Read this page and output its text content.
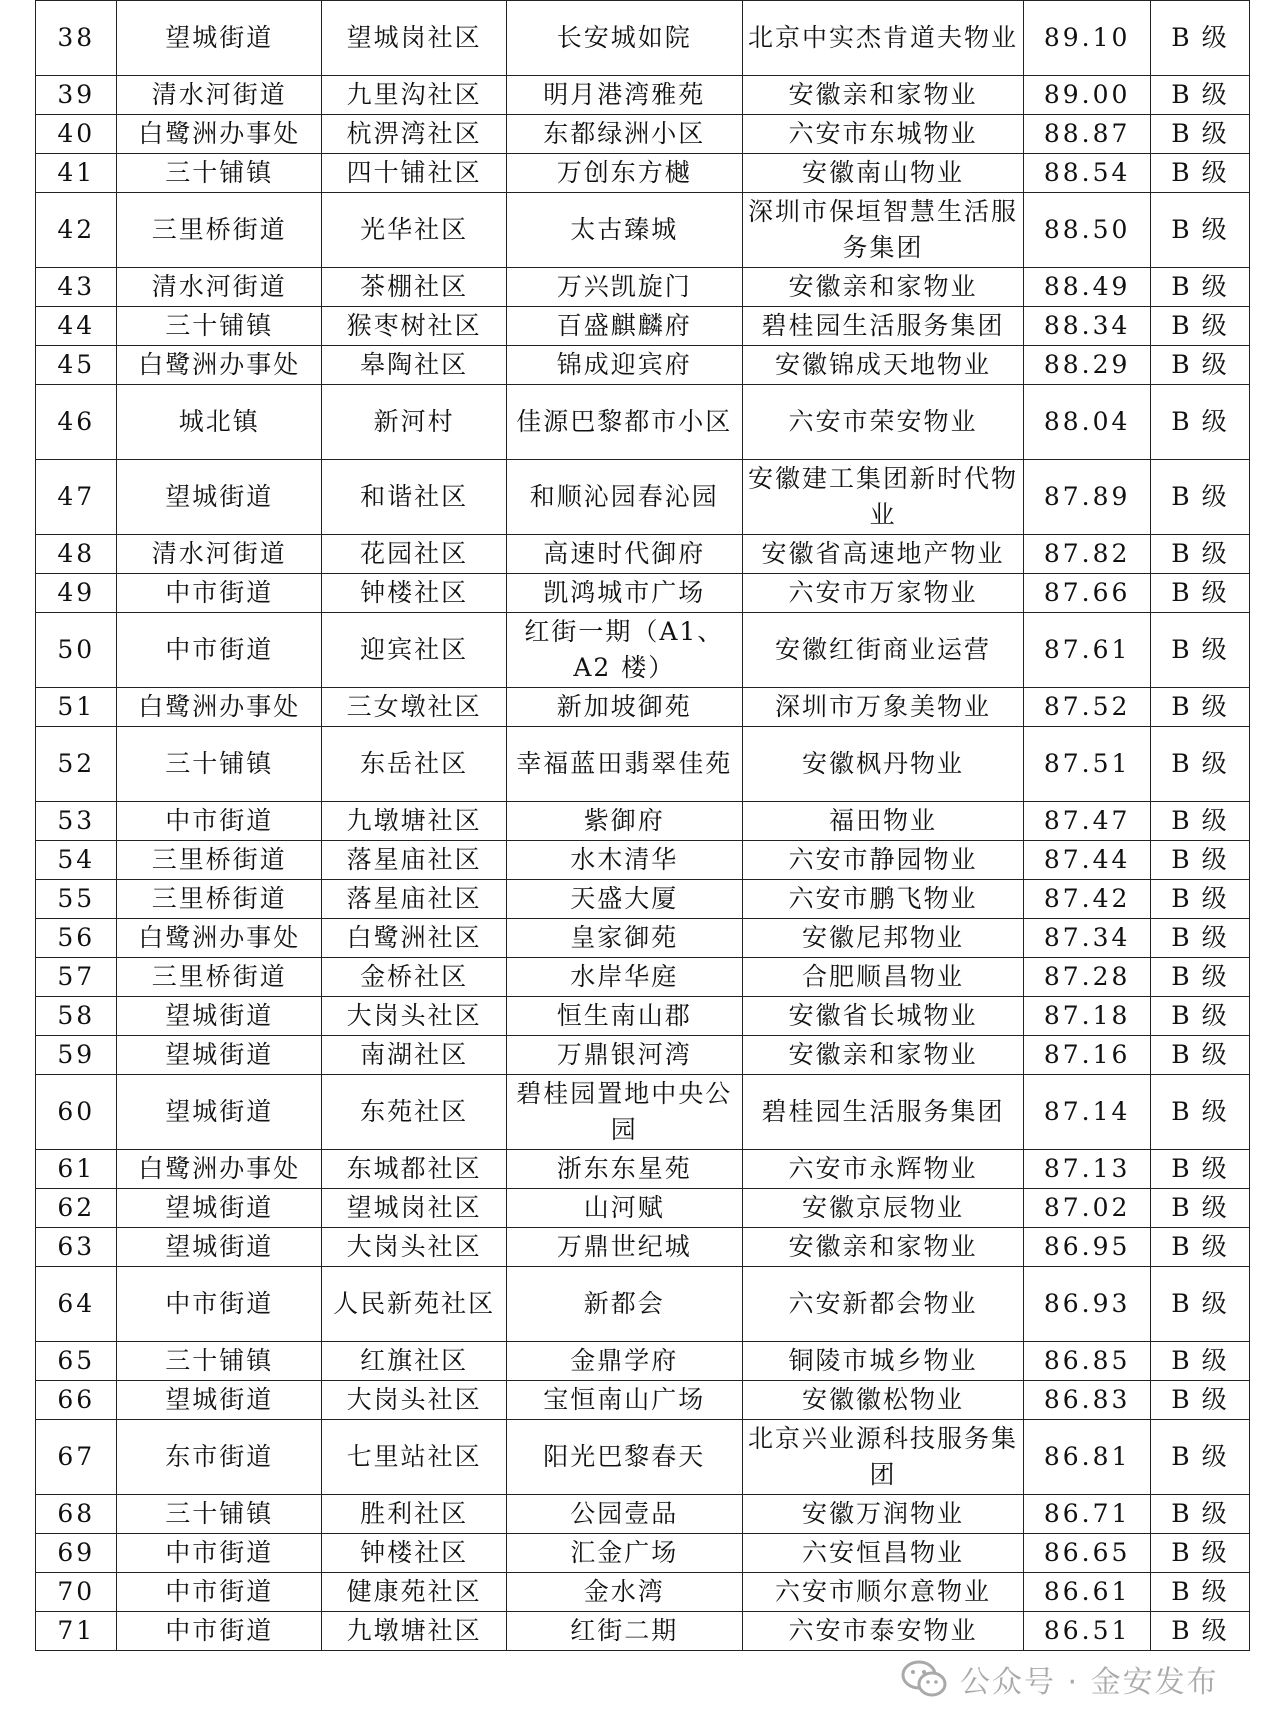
38	望城街道	望城岗社区	长安城如院	北京中实杰肯道夫物业	89.10	B 级
39	清水河街道	九里沟社区	明月港湾雅苑	安徽亲和家物业	89.00	B 级
40	白鹭洲办事处	杭淠湾社区	东都绿洲小区	六安市东城物业	88.87	B 级
41	三十铺镇	四十铺社区	万创东方樾	安徽南山物业	88.54	B 级
42	三里桥街道	光华社区	太古臻城	深圳市保垣智慧生活服务集团	88.50	B 级
43	清水河街道	茶棚社区	万兴凯旋门	安徽亲和家物业	88.49	B 级
44	三十铺镇	猴枣树社区	百盛麒麟府	碧桂园生活服务集团	88.34	B 级
45	白鹭洲办事处	皋陶社区	锦成迎宾府	安徽锦成天地物业	88.29	B 级
46	城北镇	新河村	佳源巴黎都市小区	六安市荣安物业	88.04	B 级
47	望城街道	和谐社区	和顺沁园春沁园	安徽建工集团新时代物业	87.89	B 级
48	清水河街道	花园社区	高速时代御府	安徽省高速地产物业	87.82	B 级
49	中市街道	钟楼社区	凯鸿城市广场	六安市万家物业	87.66	B 级
50	中市街道	迎宾社区	红街一期（A1、A2 楼）	安徽红街商业运营	87.61	B 级
51	白鹭洲办事处	三女墩社区	新加坡御苑	深圳市万象美物业	87.52	B 级
52	三十铺镇	东岳社区	幸福蓝田翡翠佳苑	安徽枫丹物业	87.51	B 级
53	中市街道	九墩塘社区	紫御府	福田物业	87.47	B 级
54	三里桥街道	落星庙社区	水木清华	六安市静园物业	87.44	B 级
55	三里桥街道	落星庙社区	天盛大厦	六安市鹏飞物业	87.42	B 级
56	白鹭洲办事处	白鹭洲社区	皇家御苑	安徽尼邦物业	87.34	B 级
57	三里桥街道	金桥社区	水岸华庭	合肥顺昌物业	87.28	B 级
58	望城街道	大岗头社区	恒生南山郡	安徽省长城物业	87.18	B 级
59	望城街道	南湖社区	万鼎银河湾	安徽亲和家物业	87.16	B 级
60	望城街道	东苑社区	碧桂园置地中央公园	碧桂园生活服务集团	87.14	B 级
61	白鹭洲办事处	东城都社区	浙东东星苑	六安市永辉物业	87.13	B 级
62	望城街道	望城岗社区	山河赋	安徽京辰物业	87.02	B 级
63	望城街道	大岗头社区	万鼎世纪城	安徽亲和家物业	86.95	B 级
64	中市街道	人民新苑社区	新都会	六安新都会物业	86.93	B 级
65	三十铺镇	红旗社区	金鼎学府	铜陵市城乡物业	86.85	B 级
66	望城街道	大岗头社区	宝恒南山广场	安徽徽松物业	86.83	B 级
67	东市街道	七里站社区	阳光巴黎春天	北京兴业源科技服务集团	86.81	B 级
68	三十铺镇	胜利社区	公园壹品	安徽万润物业	86.71	B 级
69	中市街道	钟楼社区	汇金广场	六安恒昌物业	86.65	B 级
70	中市街道	健康苑社区	金水湾	六安市顺尔意物业	86.61	B 级
71	中市街道	九墩塘社区	红街二期	六安市泰安物业	86.51	B 级
公众号 · 金安发布
